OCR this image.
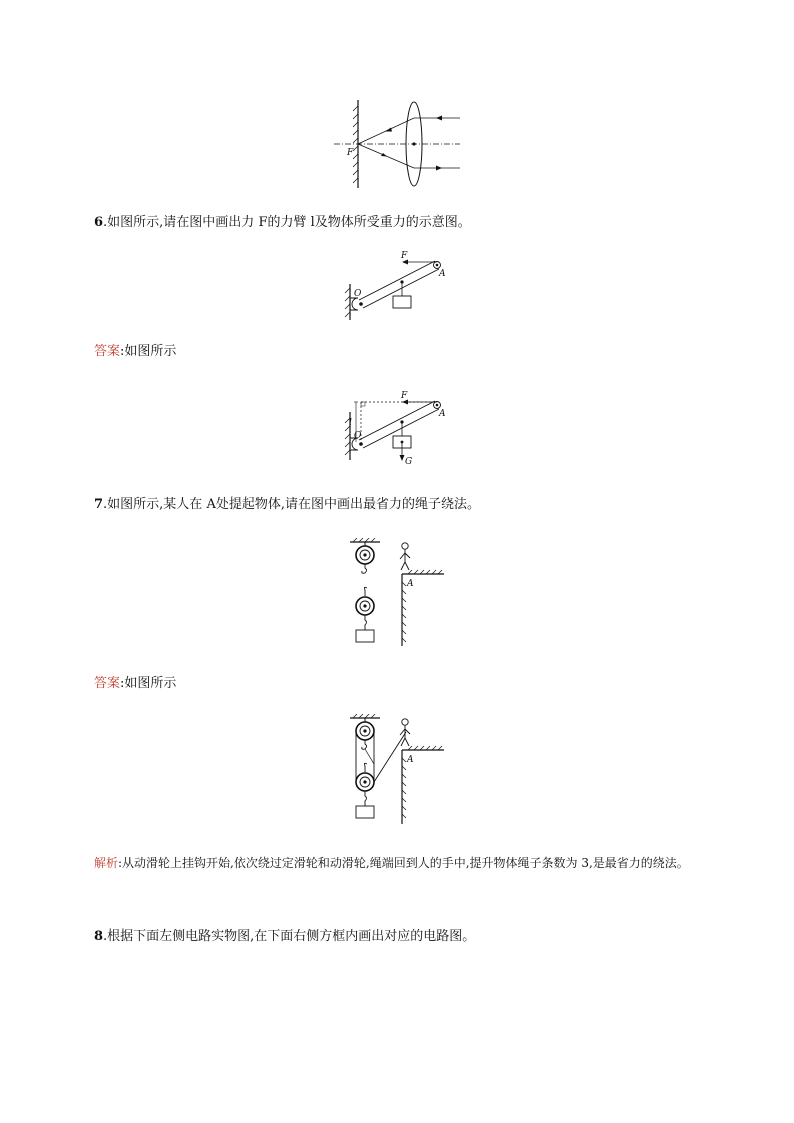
F
6.如图所示,请在图中画出力 F的力臂 l及物体所受重力的示意图。
F
A
O
答案:如图所示
l
F
A
O
G
7.如图所示,某人在 A处提起物体,请在图中画出最省力的绳子绕法。
A
答案:如图所示
A
解析:从动滑轮上挂钩开始,依次绕过定滑轮和动滑轮,绳端回到人的手中,提升物体绳子条数为 3,是最省力的绕法。
8.根据下面左侧电路实物图,在下面右侧方框内画出对应的电路图。
